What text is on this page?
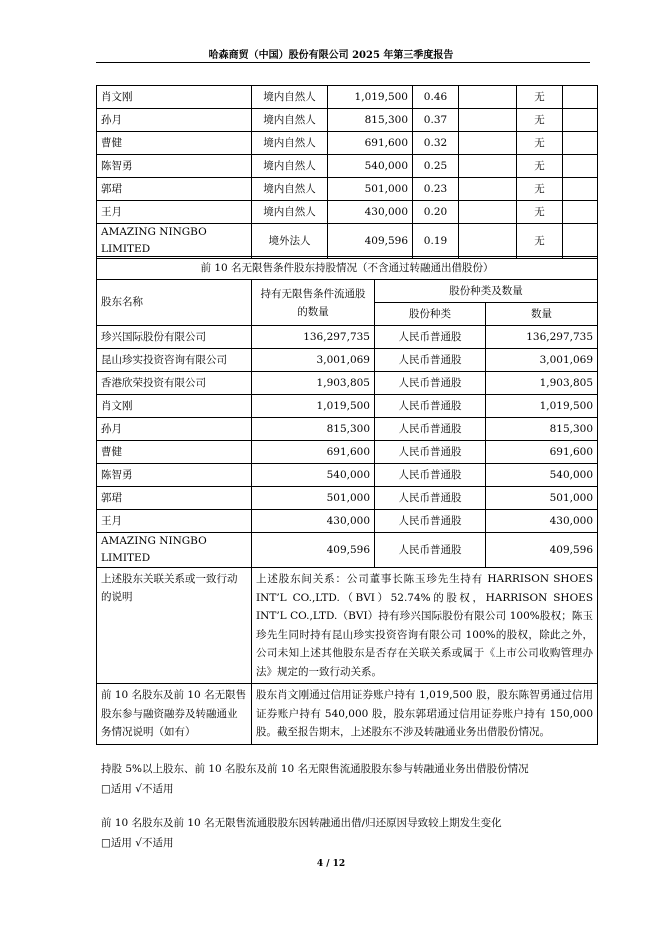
哈森商贸（中国）股份有限公司 2025 年第三季度报告
肖文刚	境内自然人	1,019,500	0.46		无	
孙月	境内自然人	815,300	0.37		无	
曹健	境内自然人	691,600	0.32		无	
陈智勇	境内自然人	540,000	0.25		无	
郭珺	境内自然人	501,000	0.23		无	
王月	境内自然人	430,000	0.20		无	
AMAZING NINGBO LIMITED	境外法人	409,596	0.19		无	
前 10 名无限售条件股东持股情况（不含通过转融通出借股份）			
股东名称	持有无限售条件流通股的数量	股份种类及数量	
		股份种类	数量
珍兴国际股份有限公司	136,297,735	人民币普通股	136,297,735
昆山珍实投资咨询有限公司	3,001,069	人民币普通股	3,001,069
香港欣荣投资有限公司	1,903,805	人民币普通股	1,903,805
肖文刚	1,019,500	人民币普通股	1,019,500
孙月	815,300	人民币普通股	815,300
曹健	691,600	人民币普通股	691,600
陈智勇	540,000	人民币普通股	540,000
郭珺	501,000	人民币普通股	501,000
王月	430,000	人民币普通股	430,000
AMAZING NINGBO LIMITED	409,596	人民币普通股	409,596
上述股东关联关系或一致行动的说明	上述股东间关系：公司董事长陈玉珍先生持有 HARRISON SHOES INT’L CO.,LTD.（BVI）52.74%的股权，HARRISON SHOES INT’L CO.,LTD.（BVI）持有珍兴国际股份有限公司 100%股权；陈玉珍先生同时持有昆山珍实投资咨询有限公司 100%的股权，除此之外，公司未知上述其他股东是否存在关联关系或属于《上市公司收购管理办法》规定的一致行动关系。		
前 10 名股东及前 10 名无限售股东参与融资融券及转融通业务情况说明（如有）	股东肖文刚通过信用证券账户持有 1,019,500 股，股东陈智勇通过信用证券账户持有 540,000 股，股东郭珺通过信用证券账户持有 150,000 股。截至报告期末，上述股东不涉及转融通业务出借股份情况。		
持股 5%以上股东、前 10 名股东及前 10 名无限售流通股股东参与转融通业务出借股份情况
□适用 √不适用
前 10 名股东及前 10 名无限售流通股股东因转融通出借/归还原因导致较上期发生变化
□适用 √不适用
4 / 12
